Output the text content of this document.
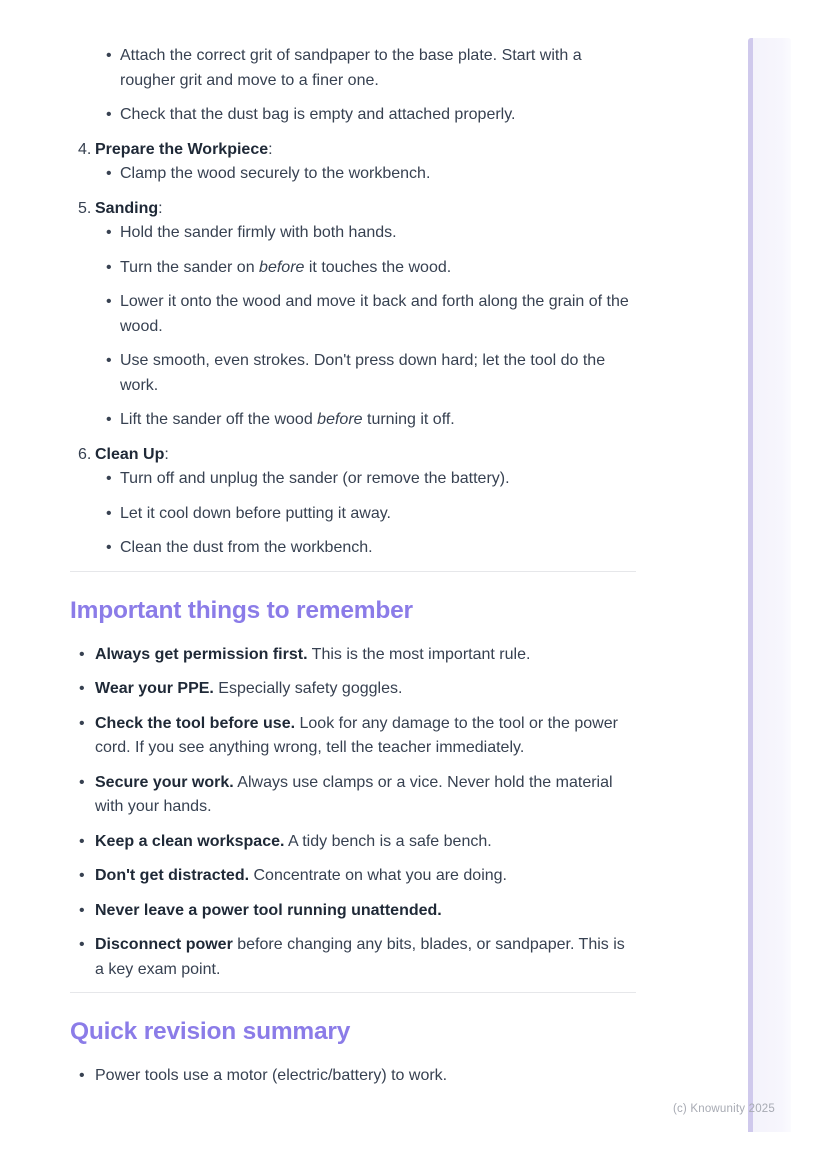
• Attach the correct grit of sandpaper to the base plate. Start with a rougher grit and move to a finer one.
• Check that the dust bag is empty and attached properly.
4. Prepare the Workpiece:
• Clamp the wood securely to the workbench.
5. Sanding:
• Hold the sander firmly with both hands.
• Turn the sander on before it touches the wood.
• Lower it onto the wood and move it back and forth along the grain of the wood.
• Use smooth, even strokes. Don't press down hard; let the tool do the work.
• Lift the sander off the wood before turning it off.
6. Clean Up:
• Turn off and unplug the sander (or remove the battery).
• Let it cool down before putting it away.
• Clean the dust from the workbench.
Important things to remember
• Always get permission first. This is the most important rule.
• Wear your PPE. Especially safety goggles.
• Check the tool before use. Look for any damage to the tool or the power cord. If you see anything wrong, tell the teacher immediately.
• Secure your work. Always use clamps or a vice. Never hold the material with your hands.
• Keep a clean workspace. A tidy bench is a safe bench.
• Don't get distracted. Concentrate on what you are doing.
• Never leave a power tool running unattended.
• Disconnect power before changing any bits, blades, or sandpaper. This is a key exam point.
Quick revision summary
• Power tools use a motor (electric/battery) to work.
(c) Knowunity 2025
